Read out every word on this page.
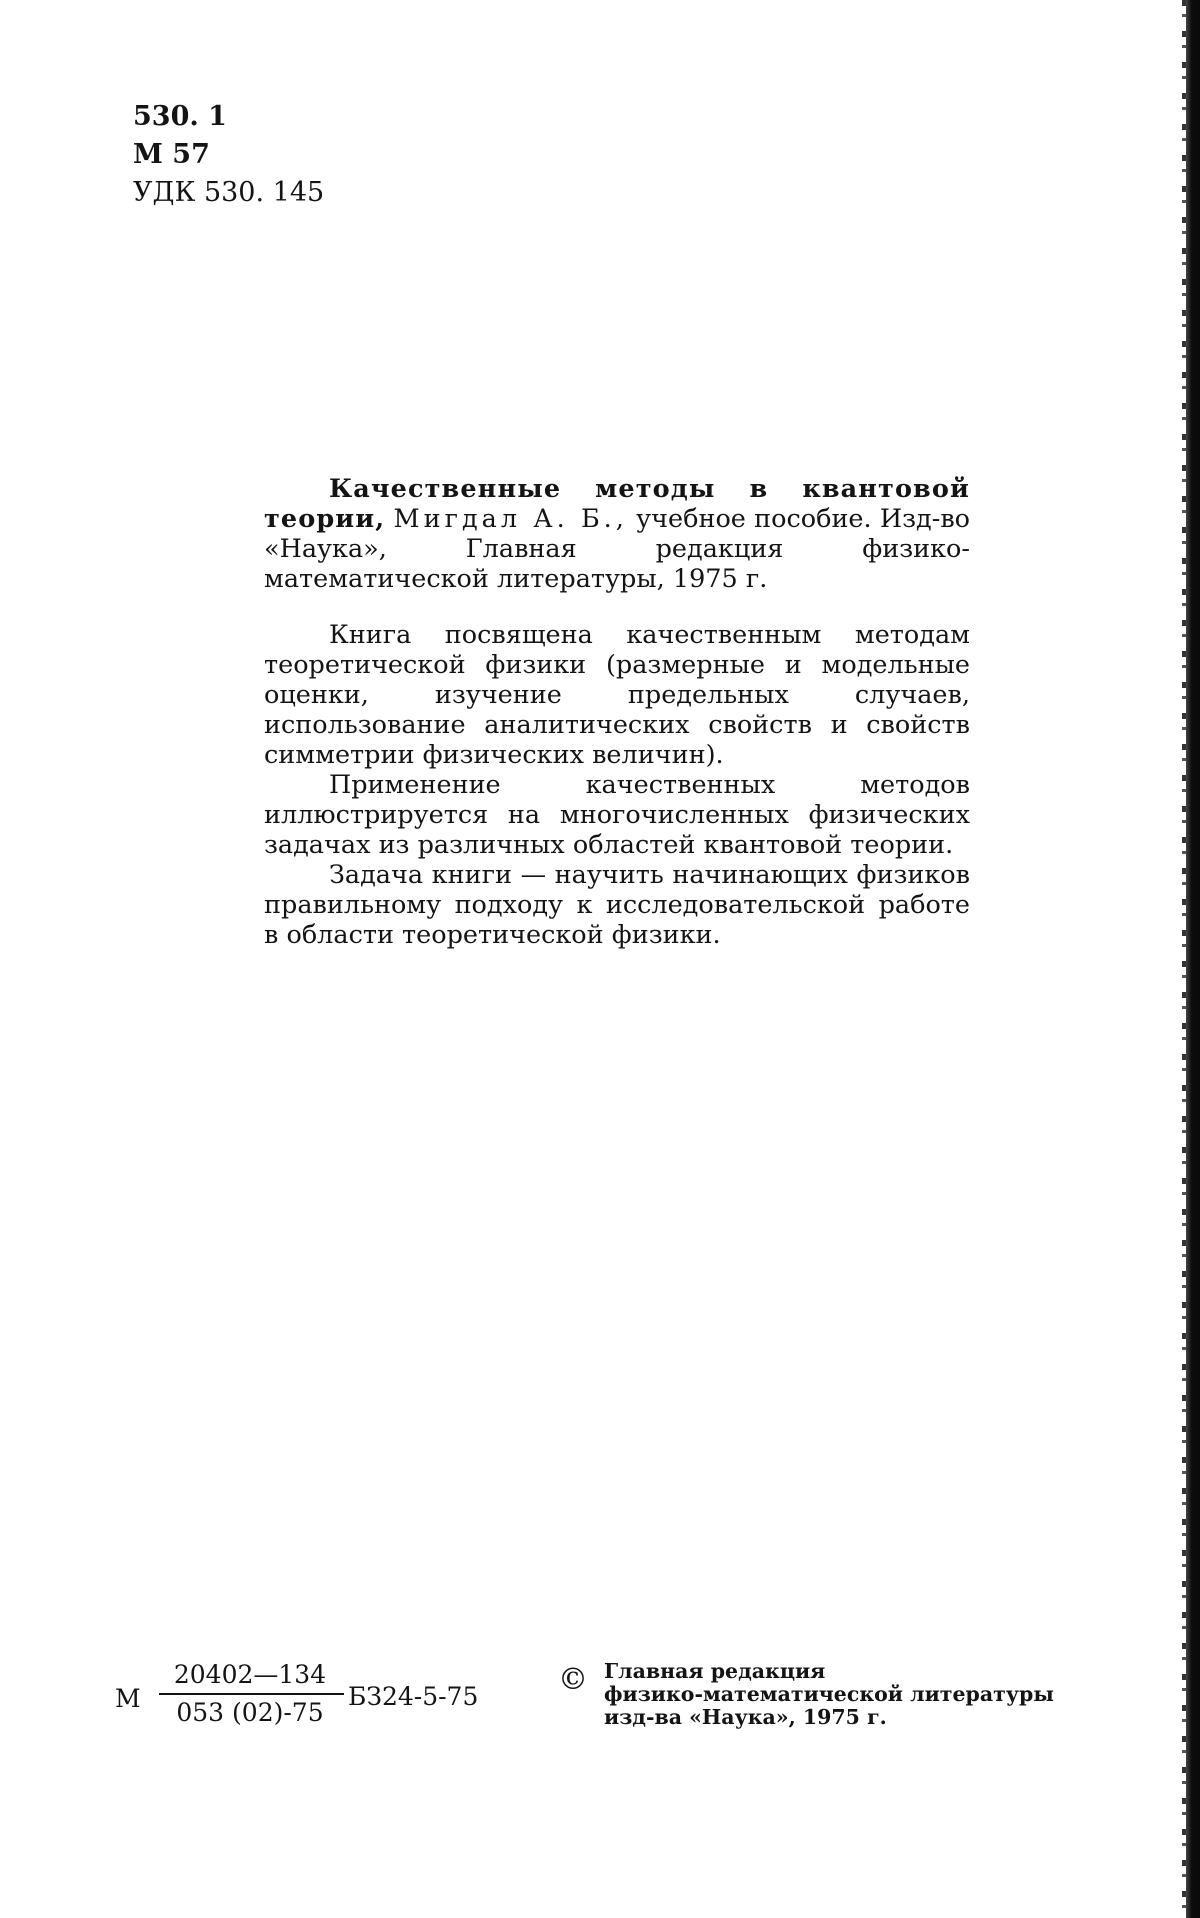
530. 1
М 57
УДК 530. 145

Качественные методы в квантовой теории, Мигдал А. Б., учебное пособие. Изд-во «Наука», Главная редакция физико-математической литературы, 1975 г.

Книга посвящена качественным методам теоретической физики (размерные и модельные оценки, изучение предельных случаев, использование аналитических свойств и свойств симметрии физических величин).

Применение качественных методов иллюстрируется на многочисленных физических задачах из различных областей квантовой теории.

Задача книги — научить начинающих физиков правильному подходу к исследовательской работе в области теоретической физики.

М
20402—134
053 (02)-75
БЗ24-5-75	© Главная редакция
физико-математической литературы
изд-ва «Наука», 1975 г.
